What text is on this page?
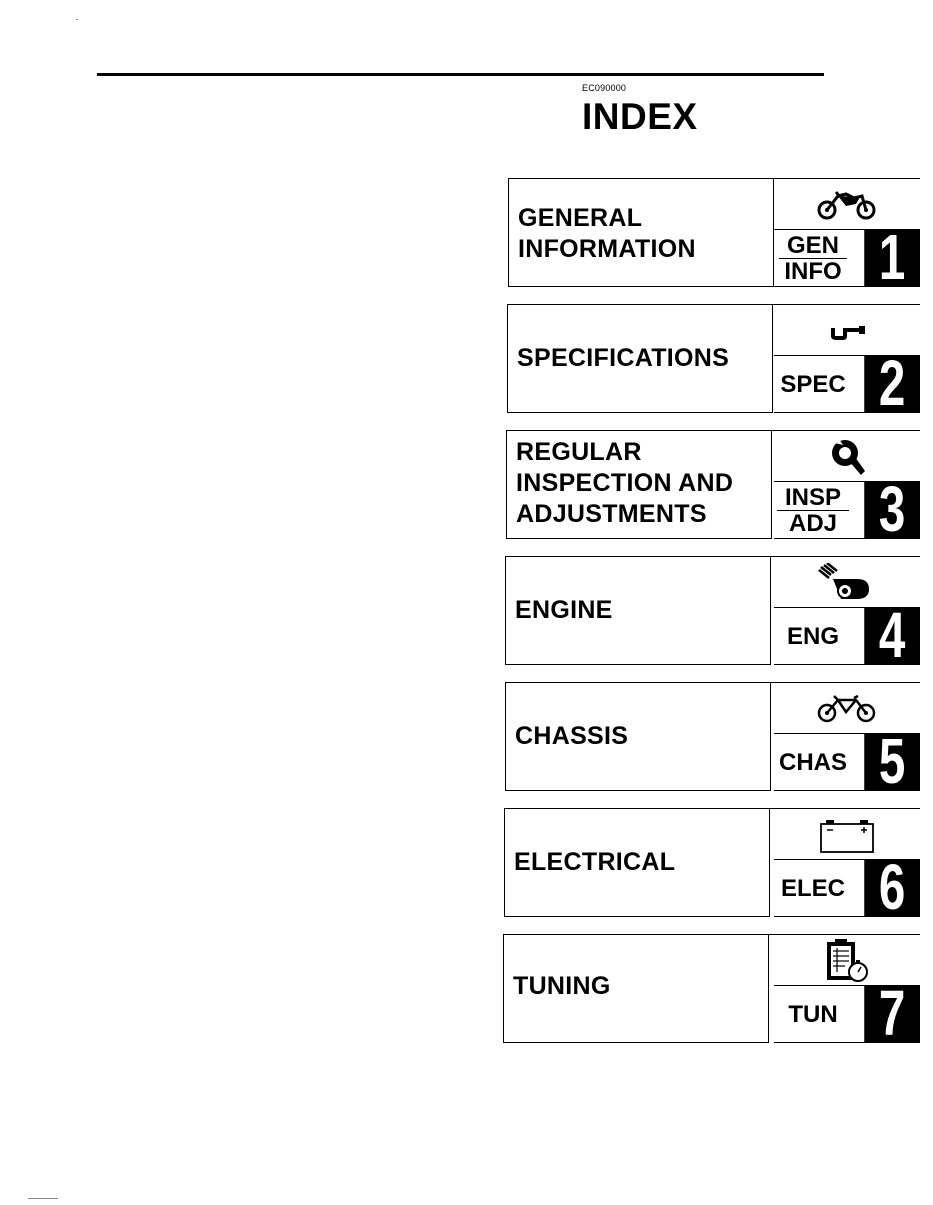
EC090000
INDEX
GENERAL
INFORMATION	GEN
INFO 1
SPECIFICATIONS
SPEC 2
REGULAR
INSPECTION AND
ADJUSTMENTS
INSP
ADJ 3
ENGINE
ENG 4
CHASSIS
CHAS 5
ELECTRICAL
ELEC 6
TUNING
TUN 7
